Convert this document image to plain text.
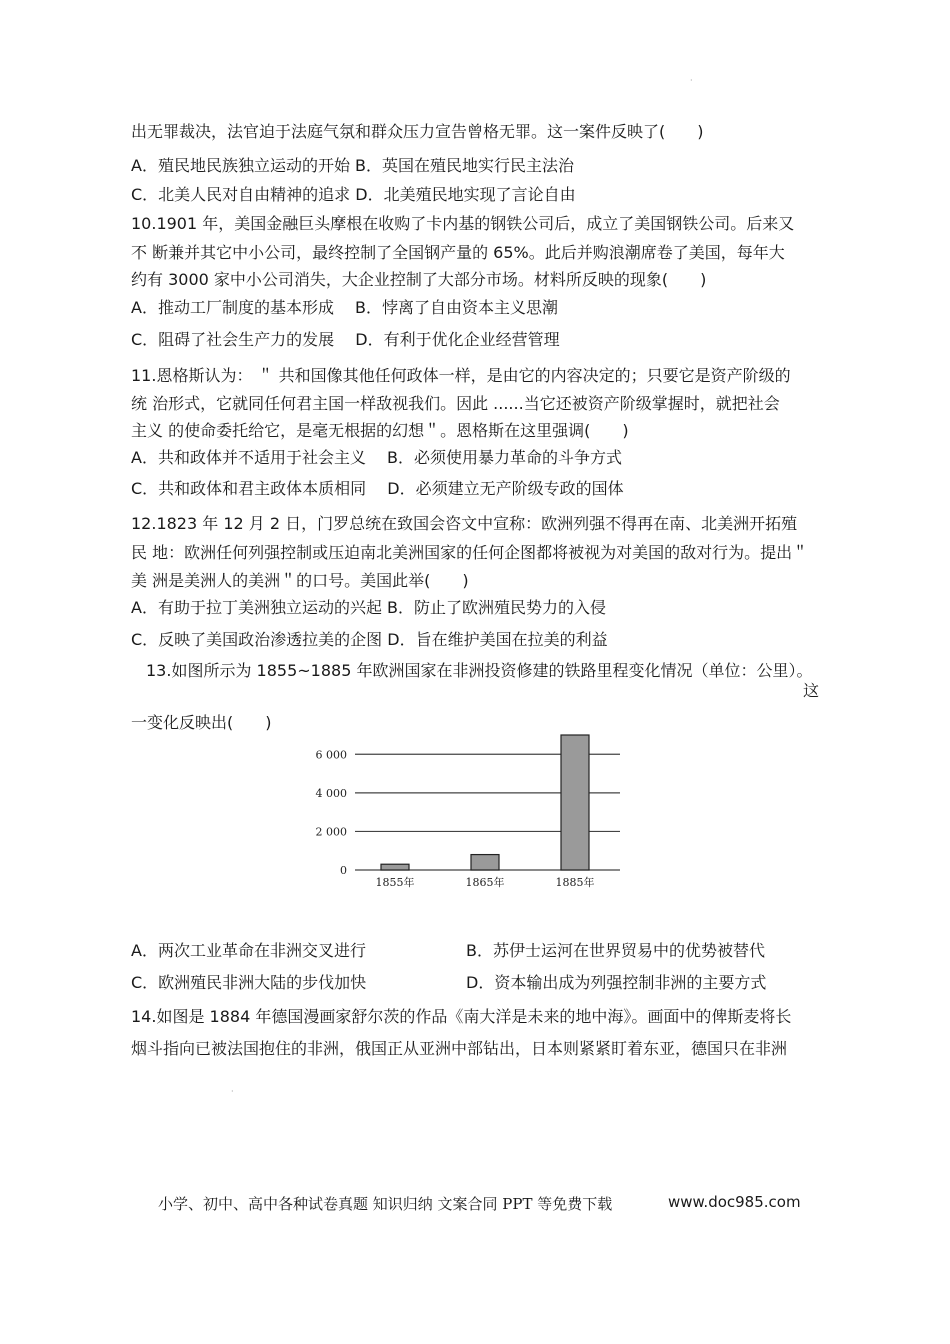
出无罪裁决，法官迫于法庭气氛和群众压力宣告曾格无罪。这一案件反映了(　　)
A．殖民地民族独立运动的开始 B．英国在殖民地实行民主法治
C．北美人民对自由精神的追求 D．北美殖民地实现了言论自由
10.1901 年，美国金融巨头摩根在收购了卡内基的钢铁公司后，成立了美国钢铁公司。后来又
不 断兼并其它中小公司，最终控制了全国钢产量的 65%。此后并购浪潮席卷了美国，每年大
约有 3000 家中小公司消失，大企业控制了大部分市场。材料所反映的现象(　　)
A．推动工厂制度的基本形成　 B．悖离了自由资本主义思潮
C．阻碍了社会生产力的发展　 D．有利于优化企业经营管理
11.恩格斯认为： ＂ 共和国像其他任何政体一样，是由它的内容决定的；只要它是资产阶级的
统 治形式，它就同任何君主国一样敌视我们。因此 ......当它还被资产阶级掌握时，就把社会
主义 的使命委托给它，是毫无根据的幻想＂。恩格斯在这里强调(　　)
A．共和政体并不适用于社会主义　 B．必须使用暴力革命的斗争方式
C．共和政体和君主政体本质相同　 D．必须建立无产阶级专政的国体
12.1823 年 12 月 2 日，门罗总统在致国会咨文中宣称：欧洲列强不得再在南、北美洲开拓殖
民 地：欧洲任何列强控制或压迫南北美洲国家的任何企图都将被视为对美国的敌对行为。提出＂
美 洲是美洲人的美洲＂的口号。美国此举(　　)
A．有助于拉丁美洲独立运动的兴起 B．防止了欧洲殖民势力的入侵
C．反映了美国政治渗透拉美的企图 D．旨在维护美国在拉美的利益
13.如图所示为 1855~1885 年欧洲国家在非洲投资修建的铁路里程变化情况（单位：公里）。
这
一变化反映出(　　)
0
2 000
4 000
6 000
1855年	1865年	1885年
A．两次工业革命在非洲交叉进行	B．苏伊士运河在世界贸易中的优势被替代
C．欧洲殖民非洲大陆的步伐加快	D．资本输出成为列强控制非洲的主要方式
14.如图是 1884 年德国漫画家舒尔茨的作品《南大洋是未来的地中海》。画面中的俾斯麦将长
烟斗指向已被法国抱住的非洲，俄国正从亚洲中部钻出，日本则紧紧盯着东亚，德国只在非洲
·
·
小学、初中、高中各种试卷真题 知识归纳 文案合同 PPT 等免费下载	www.doc985.com
